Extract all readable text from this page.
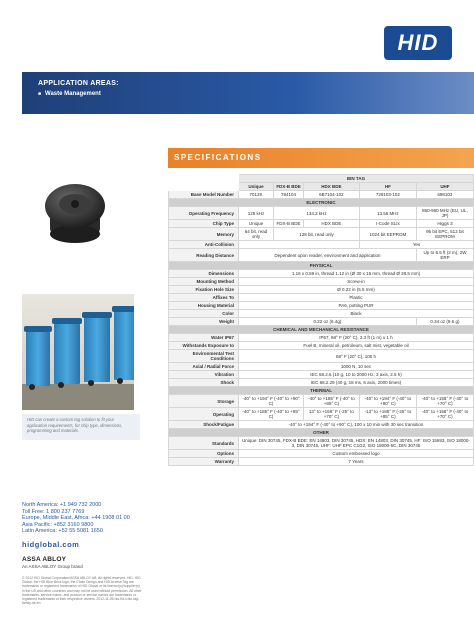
HID
APPLICATION AREAS:
■ Waste Management
SPECIFICATIONS
HID can create a custom tag solution to fit your application requirements, for chip type, dimensions, programming and materials.
North America: +1 949 732 2000
Toll Free: 1 800 237 7769
Europe, Middle East, Africa: +44 1908 01 00
Asia Pacific: +852 3160 9800
Latin America: +52 55 5081 1650
hidglobal.com
ASSA ABLOY
An ASSA ABLOY Group brand
© 2012 HID Global Corporation/ASSA ABLOY AB. All rights reserved. HID, HID Global, the HID Blue Brick logo, the Chain Design and HID Access Tag are trademarks or registered trademarks of HID Global or its licensor(s)/supplier(s) in the US and other countries and may not be used without permission. All other trademarks, service marks, and product or service names are trademarks or registered trademarks of their respective owners. 2012-11-05-hid-fid-ii-bin-tag-family-ds-en
	BIN TAG				
	Unique	FDX-B BDE	HDX BDE	HF	UHF
Base Model Number	7013S	784104	6B7104-102	729103-102	698103
ELECTRONIC					
Operating Frequency	125 kHz	134.2 kHz		13.56 MHz	860-960 MHz (EU, UL, JP)
Chip Type	Unique	FDX-B BDE	HDX BDE	I-Code SLIx	Higgs 3
Memory	64 bit, read only	128 bit, read only		1024 bit EEPROM	96 bit EPC, 512 bit EEPROM
Anti-Collision				Yes	
Reading Distance	Dependent upon reader, environment and application				Up to 6.5 ft (2 m), 2W ERP
PHYSICAL					
Dimensions	1.16 x 0.59 in, thread 1.12 in (Ø 30 x 15 mm, thread Ø 28.5 mm)				
Mounting Method	Screw-in				
Fixation Hole Size	Ø 0.22 in (5.5 mm)				
Affixes To	Plastic				
Housing Material	PA6, potting PUR				
Color	Black				
Weight	0.22 oz (6.4g)				0.34 oz (9.6 g)
CHEMICAL AND MECHANICAL RESISTANCE					
Water IP67	IP67, 68° F (20° C), 3.3 ft (1 m) x 1 h				
Withstands Exposure to	Fuel B, mineral oil, petroleum, salt mist, vegetable oil				
Environmental Test Conditions	68° F (20° C), 100 h				
Axial / Radial Force	1000 N, 10 sec				
Vibration	IEC 68.2.6 (10 g, 10 to 2000 Hz, 3 axis, 2.5 h)				
Shock	IEC 68.2.29 (40 g, 18 ms, 6 axis, 2000 times)				
THERMAL					
Storage	-40° to +194° F (-40° to +90° C)		-40° to +185° F (-40° to +85° C)	-40° to +194° F (-40° to +90° C)	-40° to +158° F (-40° to +70° C)
Operating	-40° to +185° F (-40° to +85° C)		13° to +158° F (-25° to +70° C)	-13° to +185° F (-25° to +85° C)	-40° to +158° F (-40° to +70° C)
Shock/Fatigue	-40° to +194° F (-40° to +90° C), 100 x 10 min with 30 sec transition				
OTHER					
Standards	Unique: DIN 30745, FDX-B BDE: EN 14803, DIN 30745, HDX: EN 14803, DIN 30745, HF: ISO 15693, ISO 18000-3, DIN 30745, UHF: UHF EPC C1G2, ISO 18000-6C, DIN 30745				
Options	Custom embossed logo				
Warranty	7 Years				
